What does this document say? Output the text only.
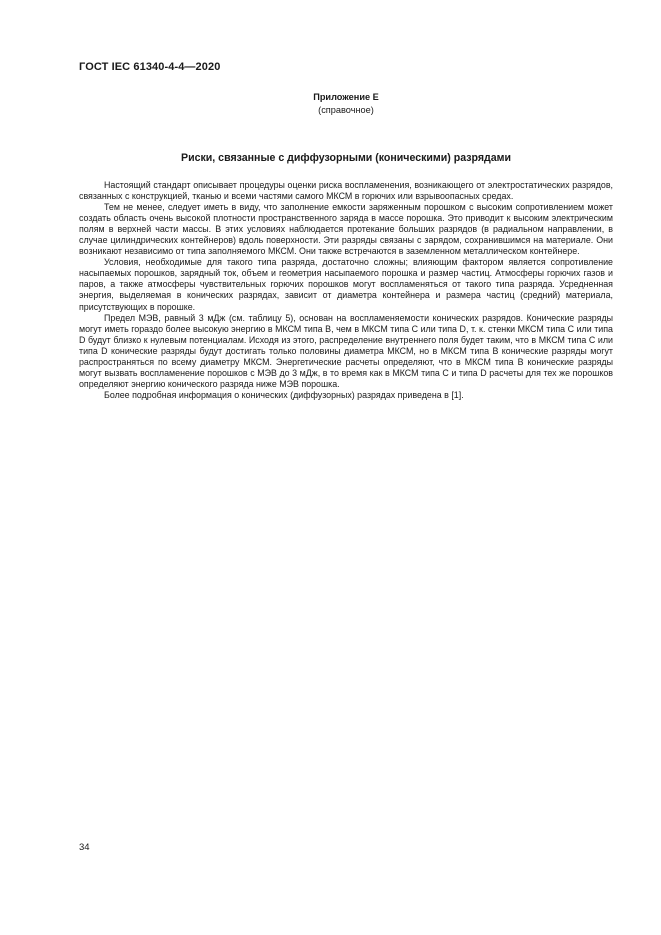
ГОСТ IEC 61340-4-4—2020
Приложение Е
(справочное)
Риски, связанные с диффузорными (коническими) разрядами

Настоящий стандарт описывает процедуры оценки риска воспламенения, возникающего от электростатических разрядов, связанных с конструкцией, тканью и всеми частями самого МКСМ в горючих или взрывоопасных средах.

Тем не менее, следует иметь в виду, что заполнение емкости заряженным порошком с высоким сопротивлением может создать область очень высокой плотности пространственного заряда в массе порошка. Это приводит к высоким электрическим полям в верхней части массы. В этих условиях наблюдается протекание больших разрядов (в радиальном направлении, в случае цилиндрических контейнеров) вдоль поверхности. Эти разряды связаны с зарядом, сохранившимся на материале. Они возникают независимо от типа заполняемого МКСМ. Они также встречаются в заземленном металлическом контейнере.

Условия, необходимые для такого типа разряда, достаточно сложны; влияющим фактором является сопротивление насыпаемых порошков, зарядный ток, объем и геометрия насыпаемого порошка и размер частиц. Атмосферы горючих газов и паров, а также атмосферы чувствительных горючих порошков могут воспламеняться от такого типа разряда. Усредненная энергия, выделяемая в конических разрядах, зависит от диаметра контейнера и размера частиц (средний) материала, присутствующих в порошке.

Предел МЭВ, равный 3 мДж (см. таблицу 5), основан на воспламеняемости конических разрядов. Конические разряды могут иметь гораздо более высокую энергию в МКСМ типа В, чем в МКСМ типа С или типа D, т. к. стенки МКСМ типа С или типа D будут близко к нулевым потенциалам. Исходя из этого, распределение внутреннего поля будет таким, что в МКСМ типа С или типа D конические разряды будут достигать только половины диаметра МКСМ, но в МКСМ типа В конические разряды могут распространяться по всему диаметру МКСМ. Энергетические расчеты определяют, что в МКСМ типа В конические разряды могут вызвать воспламенение порошков с МЭВ до 3 мДж, в то время как в МКСМ типа С и типа D расчеты для тех же порошков определяют энергию конического разряда ниже МЭВ порошка.

Более подробная информация о конических (диффузорных) разрядах приведена в [1].

34
